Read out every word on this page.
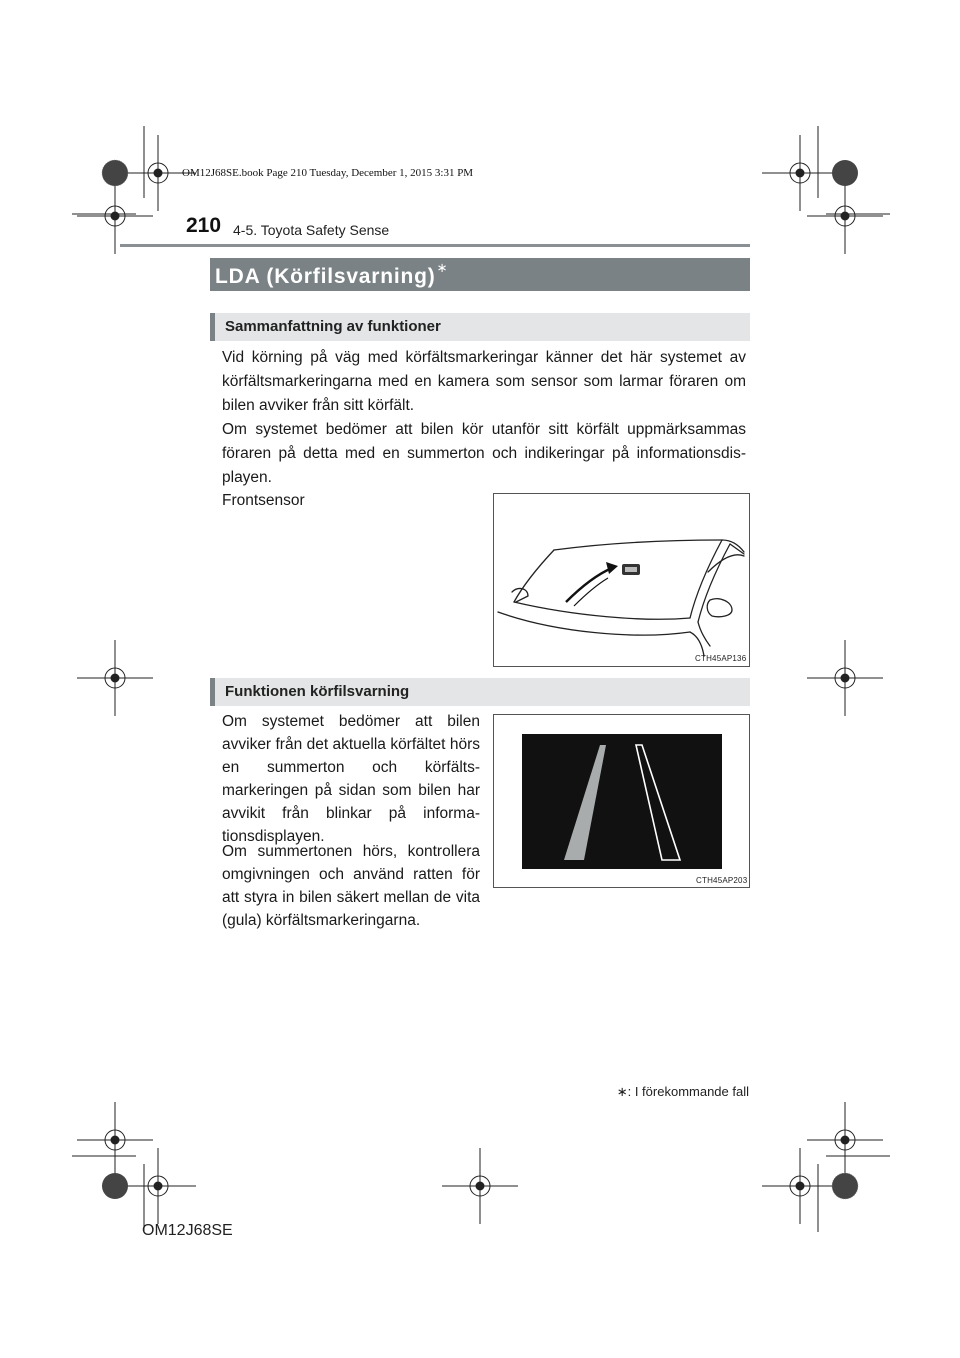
OM12J68SE.book Page 210 Tuesday, December 1, 2015 3:31 PM
210 4-5. Toyota Safety Sense
LDA (Körfilsvarning)∗
Sammanfattning av funktioner
Vid körning på väg med körfältsmarkeringar känner det här systemet av körfältsmarkeringarna med en kamera som sensor som larmar föraren om bilen avviker från sitt körfält.
Om systemet bedömer att bilen kör utanför sitt körfält uppmärksammas föraren på detta med en summerton och indikeringar på informationsdis-playen.
Frontsensor
CTH45AP136
Funktionen körfilsvarning
Om systemet bedömer att bilen avviker från det aktuella körfältet hörs en summerton och körfälts-markeringen på sidan som bilen har avvikit från blinkar på informa-tionsdisplayen.
Om summertonen hörs, kontrollera omgivningen och använd ratten för att styra in bilen säkert mellan de vita (gula) körfältsmarkeringarna.
CTH45AP203
∗: I förekommande fall
OM12J68SE
